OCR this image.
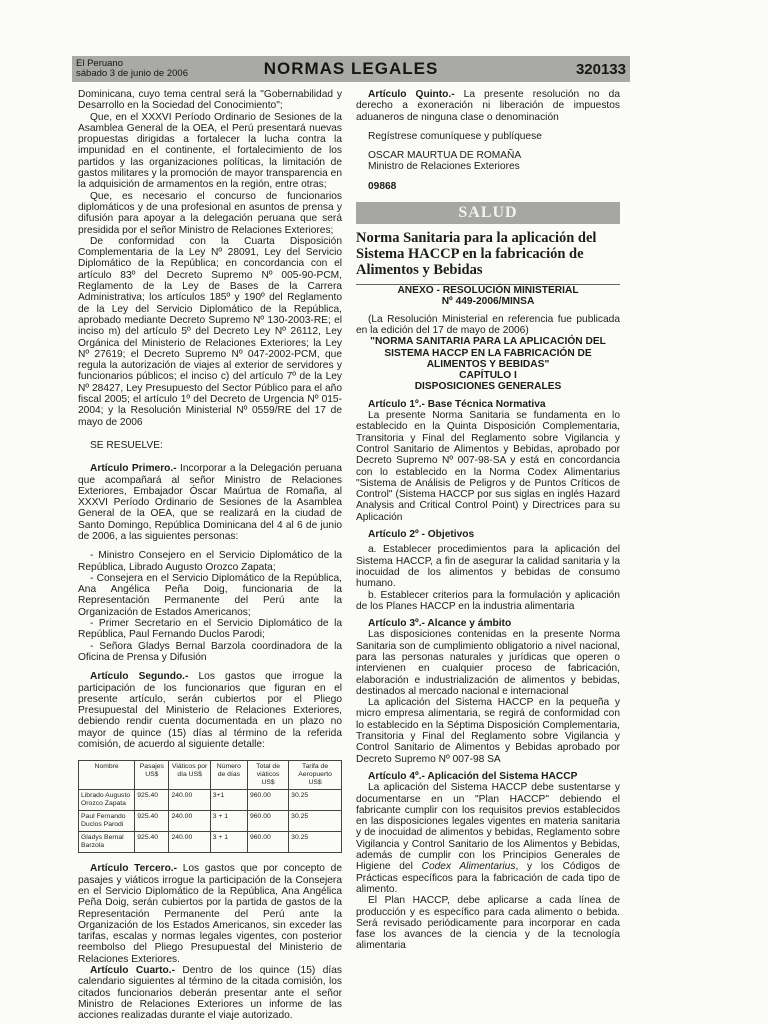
El Peruano
sábado 3 de junio de 2006	NORMAS LEGALES	320133

Dominicana, cuyo tema central será la "Gobernabilidad y Desarrollo en la Sociedad del Conocimiento";

Que, en el XXXVI Período Ordinario de Sesiones de la Asamblea General de la OEA, el Perú presentará nuevas propuestas dirigidas a fortalecer la lucha contra la impunidad en el continente, el fortalecimiento de los partidos y las organizaciones políticas, la limitación de gastos militares y la promoción de mayor transparencia en la adquisición de armamentos en la región, entre otras;

Que, es necesario el concurso de funcionarios diplomáticos y de una profesional en asuntos de prensa y difusión para apoyar a la delegación peruana que será presidida por el señor Ministro de Relaciones Exteriores;

De conformidad con la Cuarta Disposición Complementaria de la Ley Nº 28091, Ley del Servicio Diplomático de la República; en concordancia con el artículo 83º del Decreto Supremo Nº 005-90-PCM, Reglamento de la Ley de Bases de la Carrera Administrativa; los artículos 185º y 190º del Reglamento de la Ley del Servicio Diplomático de la República, aprobado mediante Decreto Supremo Nº 130-2003-RE; el inciso m) del artículo 5º del Decreto Ley Nº 26112, Ley Orgánica del Ministerio de Relaciones Exteriores; la Ley Nº 27619; el Decreto Supremo Nº 047-2002-PCM, que regula la autorización de viajes al exterior de servidores y funcionarios públicos; el inciso c) del artículo 7º de la Ley Nº 28427, Ley Presupuesto del Sector Público para el año fiscal 2005; el artículo 1º del Decreto de Urgencia Nº 015-2004; y la Resolución Ministerial Nº 0559/RE del 17 de mayo de 2006

SE RESUELVE:

Artículo Primero.- Incorporar a la Delegación peruana que acompañará al señor Ministro de Relaciones Exteriores, Embajador Óscar Maúrtua de Romaña, al XXXVI Período Ordinario de Sesiones de la Asamblea General de la OEA, que se realizará en la ciudad de Santo Domingo, República Dominicana del 4 al 6 de junio de 2006, a las siguientes personas:

- Ministro Consejero en el Servicio Diplomático de la República, Librado Augusto Orozco Zapata;

- Consejera en el Servicio Diplomático de la República, Ana Angélica Peña Doig, funcionaria de la Representación Permanente del Perú ante la Organización de Estados Americanos;

- Primer Secretario en el Servicio Diplomático de la República, Paul Fernando Duclos Parodi;

- Señora Gladys Bernal Barzola coordinadora de la Oficina de Prensa y Difusión

Artículo Segundo.- Los gastos que irrogue la participación de los funcionarios que figuran en el presente artículo, serán cubiertos por el Pliego Presupuestal del Ministerio de Relaciones Exteriores, debiendo rendir cuenta documentada en un plazo no mayor de quince (15) días al término de la referida comisión, de acuerdo al siguiente detalle:

Nombre	Pasajes US$	Viáticos por día US$	Número de días	Total de viáticos US$	Tarifa de Aeropuerto US$
Librado Augusto Orozco Zapata	925.40	240.00	3+1	960.00	30.25
Paul Fernando Duclos Parodi	925.40	240.00	3 + 1	960.00	30.25
Gladys Bernal Barzola	925.40	240.00	3 + 1	960.00	30.25

Artículo Tercero.- Los gastos que por concepto de pasajes y viáticos irrogue la participación de la Consejera en el Servicio Diplomático de la República, Ana Angélica Peña Doig, serán cubiertos por la partida de gastos de la Representación Permanente del Perú ante la Organización de los Estados Americanos, sin exceder las tarifas, escalas y normas legales vigentes, con posterior reembolso del Pliego Presupuestal del Ministerio de Relaciones Exteriores.

Artículo Cuarto.- Dentro de los quince (15) días calendario siguientes al término de la citada comisión, los citados funcionarios deberán presentar ante el señor Ministro de Relaciones Exteriores un informe de las acciones realizadas durante el viaje autorizado.

Artículo Quinto.- La presente resolución no da derecho a exoneración ni liberación de impuestos aduaneros de ninguna clase o denominación

Regístrese comuníquese y publíquese

OSCAR MAURTUA DE ROMAÑA

Ministro de Relaciones Exteriores

09868

SALUD

Norma Sanitaria para la aplicación del Sistema HACCP en la fabricación de Alimentos y Bebidas

ANEXO - RESOLUCIÓN MINISTERIAL

Nº 449-2006/MINSA

(La Resolución Ministerial en referencia fue publicada en la edición del 17 de mayo de 2006)

"NORMA SANITARIA PARA LA APLICACIÓN DEL SISTEMA HACCP EN LA FABRICACIÓN DE ALIMENTOS Y BEBIDAS"

CAPÍTULO I

DISPOSICIONES GENERALES

Artículo 1º.- Base Técnica Normativa

La presente Norma Sanitaria se fundamenta en lo establecido en la Quinta Disposición Complementaria, Transitoria y Final del Reglamento sobre Vigilancia y Control Sanitario de Alimentos y Bebidas, aprobado por Decreto Supremo Nº 007-98-SA y está en concordancia con lo establecido en la Norma Codex Alimentarius "Sistema de Análisis de Peligros y de Puntos Críticos de Control" (Sistema HACCP por sus siglas en inglés Hazard Analysis and Critical Control Point) y Directrices para su Aplicación

Artículo 2º - Objetivos

a. Establecer procedimientos para la aplicación del Sistema HACCP, a fin de asegurar la calidad sanitaria y la inocuidad de los alimentos y bebidas de consumo humano.

b. Establecer criterios para la formulación y aplicación de los Planes HACCP en la industria alimentaria

Artículo 3º.- Alcance y ámbito

Las disposiciones contenidas en la presente Norma Sanitaria son de cumplimiento obligatorio a nivel nacional, para las personas naturales y jurídicas que operen o intervienen en cualquier proceso de fabricación, elaboración e industrialización de alimentos y bebidas, destinados al mercado nacional e internacional

La aplicación del Sistema HACCP en la pequeña y micro empresa alimentaria, se regirá de conformidad con lo establecido en la Séptima Disposición Complementaria, Transitoria y Final del Reglamento sobre Vigilancia y Control Sanitario de Alimentos y Bebidas aprobado por Decreto Supremo Nº 007-98 SA

Artículo 4º.- Aplicación del Sistema HACCP

La aplicación del Sistema HACCP debe sustentarse y documentarse en un "Plan HACCP" debiendo el fabricante cumplir con los requisitos previos establecidos en las disposiciones legales vigentes en materia sanitaria y de inocuidad de alimentos y bebidas, Reglamento sobre Vigilancia y Control Sanitario de los Alimentos y Bebidas, además de cumplir con los Principios Generales de Higiene del Codex Alimentarius, y los Códigos de Prácticas específicos para la fabricación de cada tipo de alimento.

El Plan HACCP, debe aplicarse a cada línea de producción y es específico para cada alimento o bebida. Será revisado periódicamente para incorporar en cada fase los avances de la ciencia y de la tecnología alimentaria
